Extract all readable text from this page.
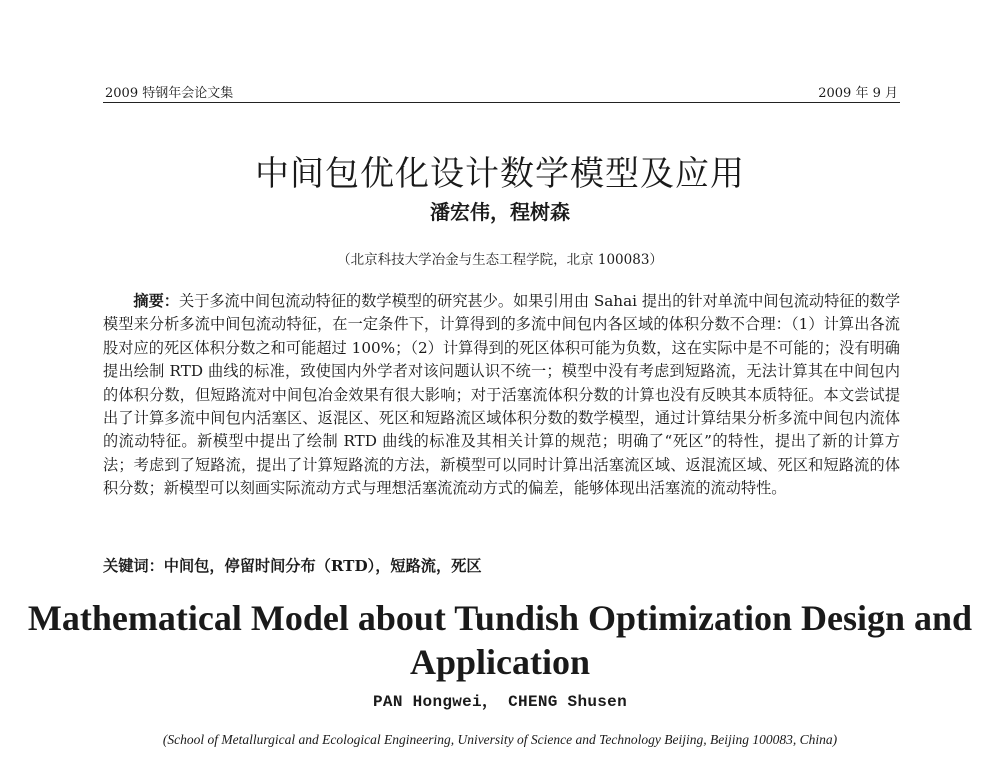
2009 特钢年会论文集	2009 年 9 月
中间包优化设计数学模型及应用
潘宏伟，程树森
（北京科技大学冶金与生态工程学院，北京 100083）
摘要：关于多流中间包流动特征的数学模型的研究甚少。如果引用由 Sahai 提出的针对单流中间包流动特征的数学模型来分析多流中间包流动特征，在一定条件下，计算得到的多流中间包内各区域的体积分数不合理：（1）计算出各流股对应的死区体积分数之和可能超过 100%；（2）计算得到的死区体积可能为负数，这在实际中是不可能的；没有明确提出绘制 RTD 曲线的标准，致使国内外学者对该问题认识不统一；模型中没有考虑到短路流，无法计算其在中间包内的体积分数，但短路流对中间包冶金效果有很大影响；对于活塞流体积分数的计算也没有反映其本质特征。本文尝试提出了计算多流中间包内活塞区、返混区、死区和短路流区域体积分数的数学模型，通过计算结果分析多流中间包内流体的流动特征。新模型中提出了绘制 RTD 曲线的标准及其相关计算的规范；明确了“死区”的特性，提出了新的计算方法；考虑到了短路流，提出了计算短路流的方法，新模型可以同时计算出活塞流区域、返混流区域、死区和短路流的体积分数；新模型可以刻画实际流动方式与理想活塞流流动方式的偏差，能够体现出活塞流的流动特性。
关键词：中间包，停留时间分布（RTD），短路流，死区
Mathematical Model about Tundish Optimization Design and Application
PAN Hongwei， CHENG Shusen
(School of Metallurgical and Ecological Engineering, University of Science and Technology Beijing, Beijing 100083, China)
